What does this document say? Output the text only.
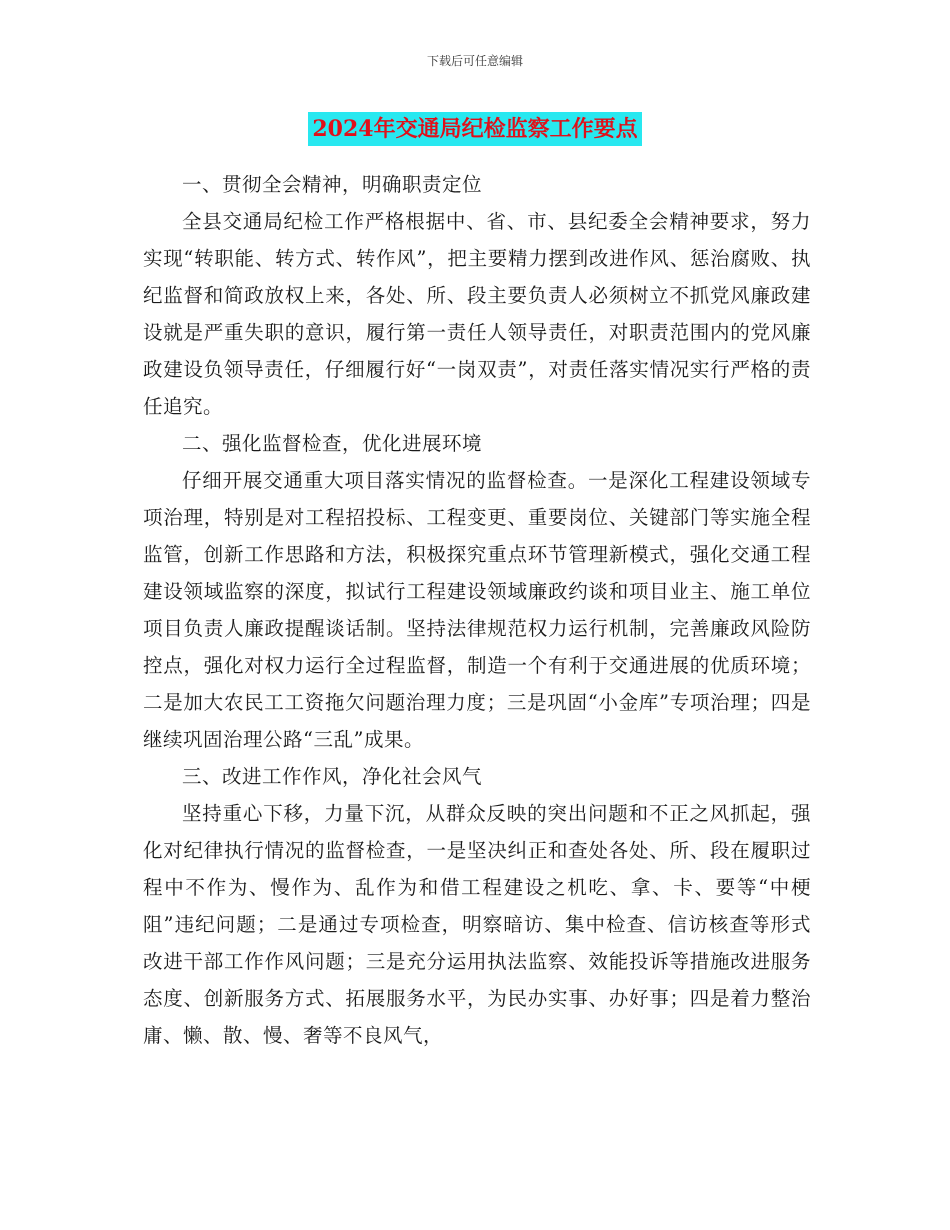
下载后可任意编辑
2024年交通局纪检监察工作要点

一、贯彻全会精神，明确职责定位

全县交通局纪检工作严格根据中、省、市、县纪委全会精神要求，努力实现“转职能、转方式、转作风”，把主要精力摆到改进作风、惩治腐败、执纪监督和简政放权上来，各处、所、段主要负责人必须树立不抓党风廉政建设就是严重失职的意识，履行第一责任人领导责任，对职责范围内的党风廉政建设负领导责任，仔细履行好“一岗双责”，对责任落实情况实行严格的责任追究。

二、强化监督检查，优化进展环境

仔细开展交通重大项目落实情况的监督检查。一是深化工程建设领域专项治理，特别是对工程招投标、工程变更、重要岗位、关键部门等实施全程监管，创新工作思路和方法，积极探究重点环节管理新模式，强化交通工程建设领域监察的深度，拟试行工程建设领域廉政约谈和项目业主、施工单位项目负责人廉政提醒谈话制。坚持法律规范权力运行机制，完善廉政风险防控点，强化对权力运行全过程监督，制造一个有利于交通进展的优质环境；二是加大农民工工资拖欠问题治理力度；三是巩固“小金库”专项治理；四是继续巩固治理公路“三乱”成果。

三、改进工作作风，净化社会风气

坚持重心下移，力量下沉，从群众反映的突出问题和不正之风抓起，强化对纪律执行情况的监督检查，一是坚决纠正和查处各处、所、段在履职过程中不作为、慢作为、乱作为和借工程建设之机吃、拿、卡、要等“中梗阻”违纪问题；二是通过专项检查，明察暗访、集中检查、信访核查等形式改进干部工作作风问题；三是充分运用执法监察、效能投诉等措施改进服务态度、创新服务方式、拓展服务水平，为民办实事、办好事；四是着力整治庸、懒、散、慢、奢等不良风气，
